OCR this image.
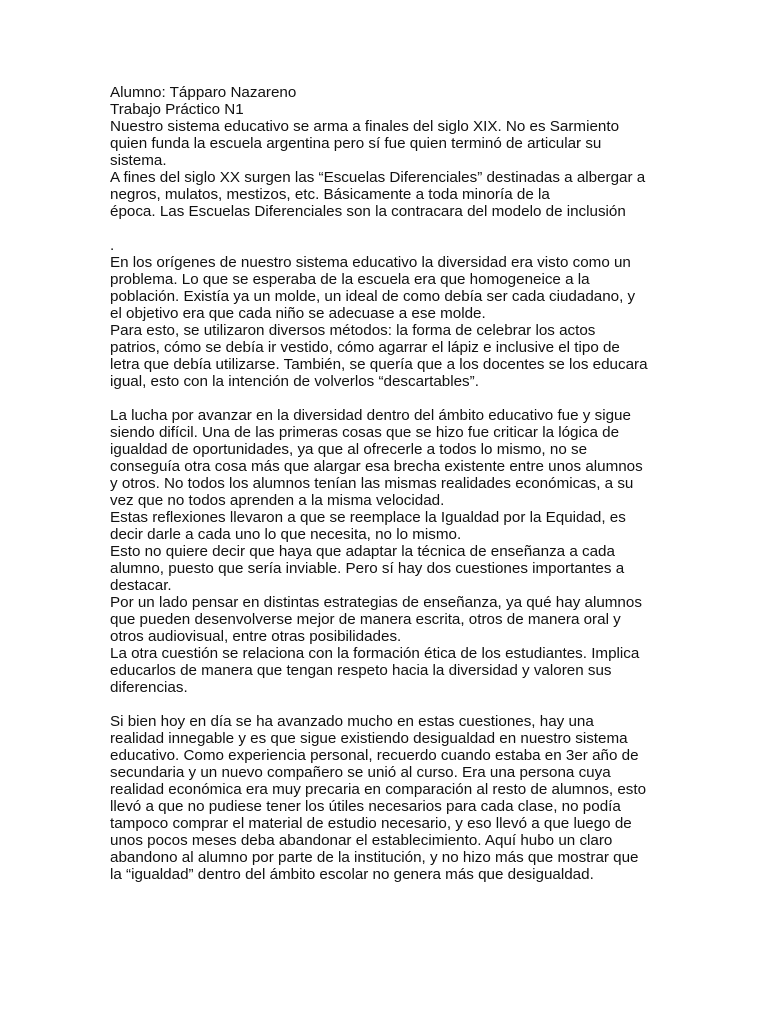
Alumno: Tápparo Nazareno
Trabajo Práctico N1
Nuestro sistema educativo se arma a finales del siglo XIX. No es Sarmiento
quien funda la escuela argentina pero sí fue quien terminó de articular su
sistema.
A fines del siglo XX surgen las “Escuelas Diferenciales” destinadas a albergar a
negros, mulatos, mestizos, etc. Básicamente a toda minoría de la
época. Las Escuelas Diferenciales son la contracara del modelo de inclusión
.
En los orígenes de nuestro sistema educativo la diversidad era visto como un
problema. Lo que se esperaba de la escuela era que homogeneice a la
población. Existía ya un molde, un ideal de como debía ser cada ciudadano, y
el objetivo era que cada niño se adecuase a ese molde.
Para esto, se utilizaron diversos métodos: la forma de celebrar los actos
patrios, cómo se debía ir vestido, cómo agarrar el lápiz e inclusive el tipo de
letra que debía utilizarse. También, se quería que a los docentes se los educara
igual, esto con la intención de volverlos “descartables”.
La lucha por avanzar en la diversidad dentro del ámbito educativo fue y sigue
siendo difícil. Una de las primeras cosas que se hizo fue criticar la lógica de
igualdad de oportunidades, ya que al ofrecerle a todos lo mismo, no se
conseguía otra cosa más que alargar esa brecha existente entre unos alumnos
y otros. No todos los alumnos tenían las mismas realidades económicas, a su
vez que no todos aprenden a la misma velocidad.
Estas reflexiones llevaron a que se reemplace la Igualdad por la Equidad, es
decir darle a cada uno lo que necesita, no lo mismo.
Esto no quiere decir que haya que adaptar la técnica de enseñanza a cada
alumno, puesto que sería inviable. Pero sí hay dos cuestiones importantes a
destacar.
Por un lado pensar en distintas estrategias de enseñanza, ya qué hay alumnos
que pueden desenvolverse mejor de manera escrita, otros de manera oral y
otros audiovisual, entre otras posibilidades.
La otra cuestión se relaciona con la formación ética de los estudiantes. Implica
educarlos de manera que tengan respeto hacia la diversidad y valoren sus
diferencias.
Si bien hoy en día se ha avanzado mucho en estas cuestiones, hay una
realidad innegable y es que sigue existiendo desigualdad en nuestro sistema
educativo. Como experiencia personal, recuerdo cuando estaba en 3er año de
secundaria y un nuevo compañero se unió al curso. Era una persona cuya
realidad económica era muy precaria en comparación al resto de alumnos, esto
llevó a que no pudiese tener los útiles necesarios para cada clase, no podía
tampoco comprar el material de estudio necesario, y eso llevó a que luego de
unos pocos meses deba abandonar el establecimiento. Aquí hubo un claro
abandono al alumno por parte de la institución, y no hizo más que mostrar que
la “igualdad” dentro del ámbito escolar no genera más que desigualdad.
